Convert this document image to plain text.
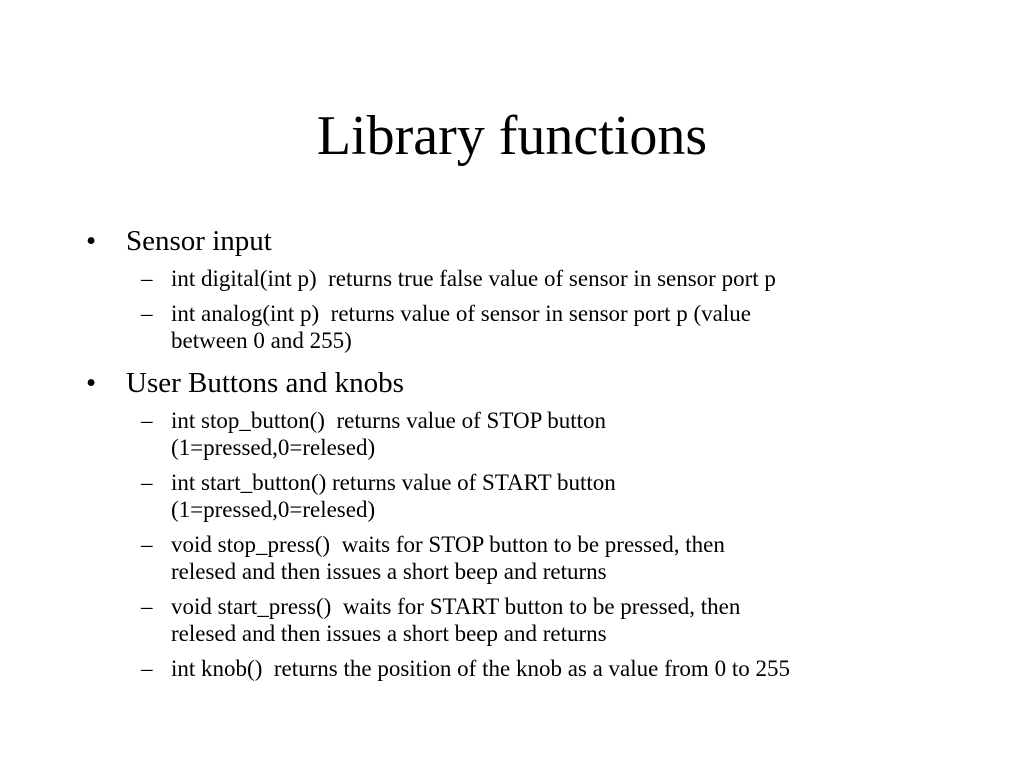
Library functions
• Sensor input
– int digital(int p)  returns true false value of sensor in sensor port p
– int analog(int p)  returns value of sensor in sensor port p (value
between 0 and 255)
• User Buttons and knobs
– int stop_button()  returns value of STOP button
(1=pressed,0=relesed)
– int start_button() returns value of START button
(1=pressed,0=relesed)
– void stop_press()  waits for STOP button to be pressed, then
relesed and then issues a short beep and returns
– void start_press()  waits for START button to be pressed, then
relesed and then issues a short beep and returns
– int knob()  returns the position of the knob as a value from 0 to 255
